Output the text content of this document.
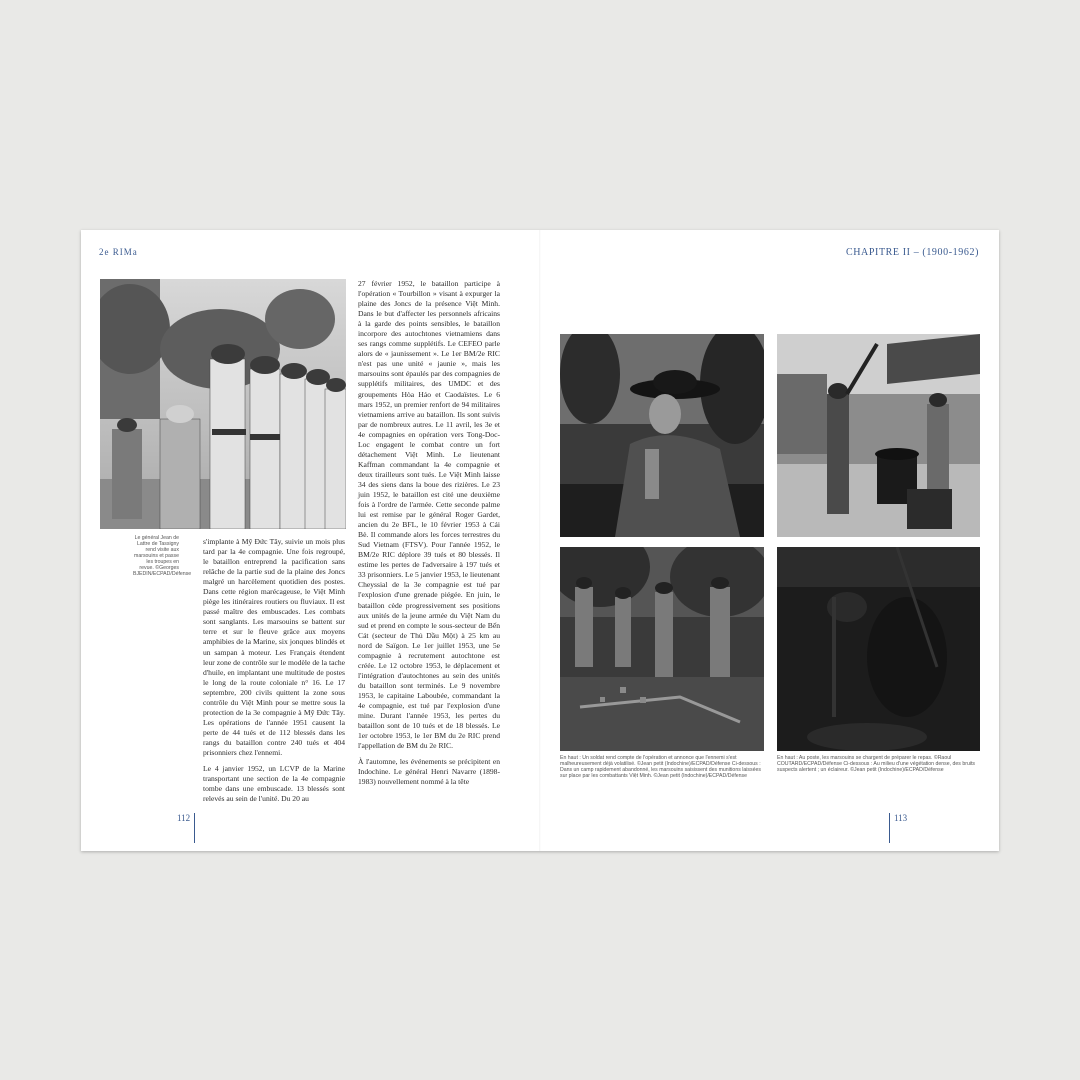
2e RIMa
Le général Jean de Lattre de Tassigny rend visite aux marsouins et passe les troupes en revue. ©Georges BJEDIN/ECPAD/Défense

s'implante à Mỹ Đức Tây, suivie un mois plus tard par la 4e compagnie. Une fois regroupé, le bataillon entreprend la pacification sans relâche de la partie sud de la plaine des Joncs malgré un harcèlement quotidien des postes. Dans cette région marécageuse, le Việt Minh piège les itinéraires routiers ou fluviaux. Il est passé maître des embuscades. Les combats sont sanglants. Les marsouins se battent sur terre et sur le fleuve grâce aux moyens amphibies de la Marine, six jonques blindés et un sampan à moteur. Les Français étendent leur zone de contrôle sur le modèle de la tache d'huile, en implantant une multitude de postes le long de la route coloniale n° 16. Le 17 septembre, 200 civils quittent la zone sous contrôle du Việt Minh pour se mettre sous la protection de la 3e compagnie à Mỹ Đức Tây. Les opérations de l'année 1951 causent la perte de 44 tués et de 112 blessés dans les rangs du bataillon contre 240 tués et 404 prisonniers chez l'ennemi.

Le 4 janvier 1952, un LCVP de la Marine transportant une section de la 4e compagnie tombe dans une embuscade. 13 blessés sont relevés au sein de l'unité. Du 20 au

27 février 1952, le bataillon participe à l'opération « Tourbillon » visant à expurger la plaine des Joncs de la présence Việt Minh. Dans le but d'affecter les personnels africains à la garde des points sensibles, le bataillon incorpore des autochtones vietnamiens dans ses rangs comme supplétifs. Le CEFEO parle alors de « jaunissement ». Le 1er BM/2e RIC n'est pas une unité « jaunie », mais les marsouins sont épaulés par des compagnies de supplétifs militaires, des UMDC et des groupements Hòa Hảo et Caodaïstes. Le 6 mars 1952, un premier renfort de 94 militaires vietnamiens arrive au bataillon. Ils sont suivis par de nombreux autres. Le 11 avril, les 3e et 4e compagnies en opération vers Tong-Doc-Loc engagent le combat contre un fort détachement Việt Minh. Le lieutenant Kaffman commandant la 4e compagnie et deux tirailleurs sont tués. Le Việt Minh laisse 34 des siens dans la boue des rizières. Le 23 juin 1952, le bataillon est cité une deuxième fois à l'ordre de l'armée. Cette seconde palme lui est remise par le général Roger Gardet, ancien du 2e BFL, le 10 février 1953 à Cái Bè. Il commande alors les forces terrestres du Sud Vietnam (FTSV). Pour l'année 1952, le BM/2e RIC déplore 39 tués et 80 blessés. Il estime les pertes de l'adversaire à 197 tués et 33 prisonniers. Le 5 janvier 1953, le lieutenant Cheyssial de la 3e compagnie est tué par l'explosion d'une grenade piégée. En juin, le bataillon cède progressivement ses positions aux unités de la jeune armée du Việt Nam du sud et prend en compte le sous-secteur de Bến Cát (secteur de Thủ Dầu Một) à 25 km au nord de Saïgon. Le 1er juillet 1953, une 5e compagnie à recrutement autochtone est créée. Le 12 octobre 1953, le déplacement et l'intégration d'autochtones au sein des unités du bataillon sont terminés. Le 9 novembre 1953, le capitaine Laboubée, commandant la 4e compagnie, est tué par l'explosion d'une mine. Durant l'année 1953, les pertes du bataillon sont de 10 tués et de 18 blessés. Le 1er octobre 1953, le 1er BM du 2e RIC prend l'appellation de BM du 2e RIC.

À l'automne, les événements se précipitent en Indochine. Le général Henri Navarre (1898-1983) nouvellement nommé à la tête

112
CHAPITRE II – (1900-1962)
En haut : Un soldat rend compte de l'opération et annonce que l'ennemi s'est malheureusement déjà volatilisé. ©Jean petit (Indochine)/ECPAD/Défense Ci-dessous : Dans un camp rapidement abandonné, les marsouins saisissent des munitions laissées sur place par les combattants Việt Minh. ©Jean petit (Indochine)/ECPAD/Défense
En haut : Au poste, les marsouins se chargent de préparer le repas. ©Raoul COUTARD/ECPAD/Défense Ci-dessous : Au milieu d'une végétation dense, des bruits suspects alertent ; un éclaireur. ©Jean petit (Indochine)/ECPAD/Défense
113
